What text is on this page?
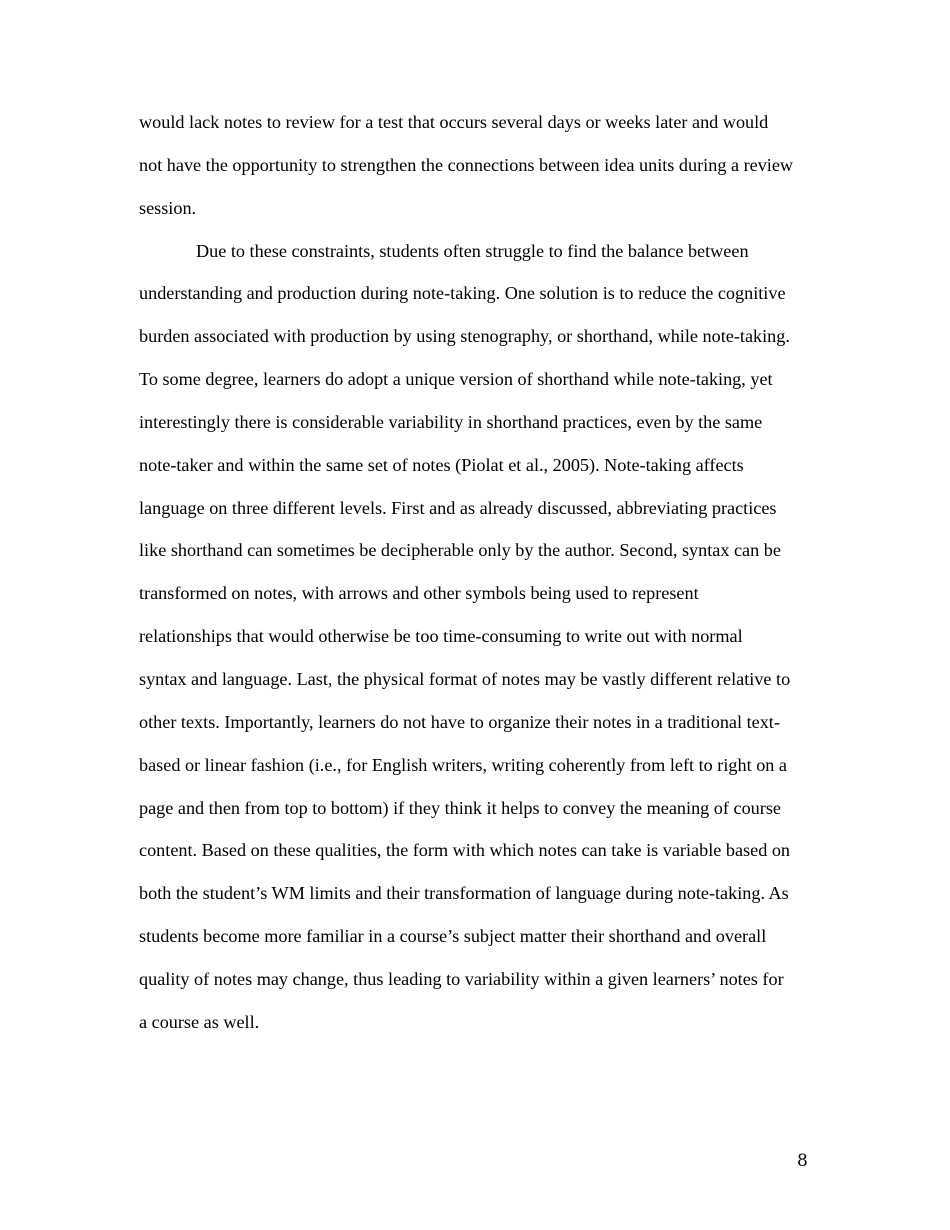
would lack notes to review for a test that occurs several days or weeks later and would
not have the opportunity to strengthen the connections between idea units during a review
session.
Due to these constraints, students often struggle to find the balance between
understanding and production during note-taking. One solution is to reduce the cognitive
burden associated with production by using stenography, or shorthand, while note-taking.
To some degree, learners do adopt a unique version of shorthand while note-taking, yet
interestingly there is considerable variability in shorthand practices, even by the same
note-taker and within the same set of notes (Piolat et al., 2005). Note-taking affects
language on three different levels. First and as already discussed, abbreviating practices
like shorthand can sometimes be decipherable only by the author. Second, syntax can be
transformed on notes, with arrows and other symbols being used to represent
relationships that would otherwise be too time-consuming to write out with normal
syntax and language. Last, the physical format of notes may be vastly different relative to
other texts. Importantly, learners do not have to organize their notes in a traditional text-
based or linear fashion (i.e., for English writers, writing coherently from left to right on a
page and then from top to bottom) if they think it helps to convey the meaning of course
content. Based on these qualities, the form with which notes can take is variable based on
both the student’s WM limits and their transformation of language during note-taking. As
students become more familiar in a course’s subject matter their shorthand and overall
quality of notes may change, thus leading to variability within a given learners’ notes for
a course as well.
8
